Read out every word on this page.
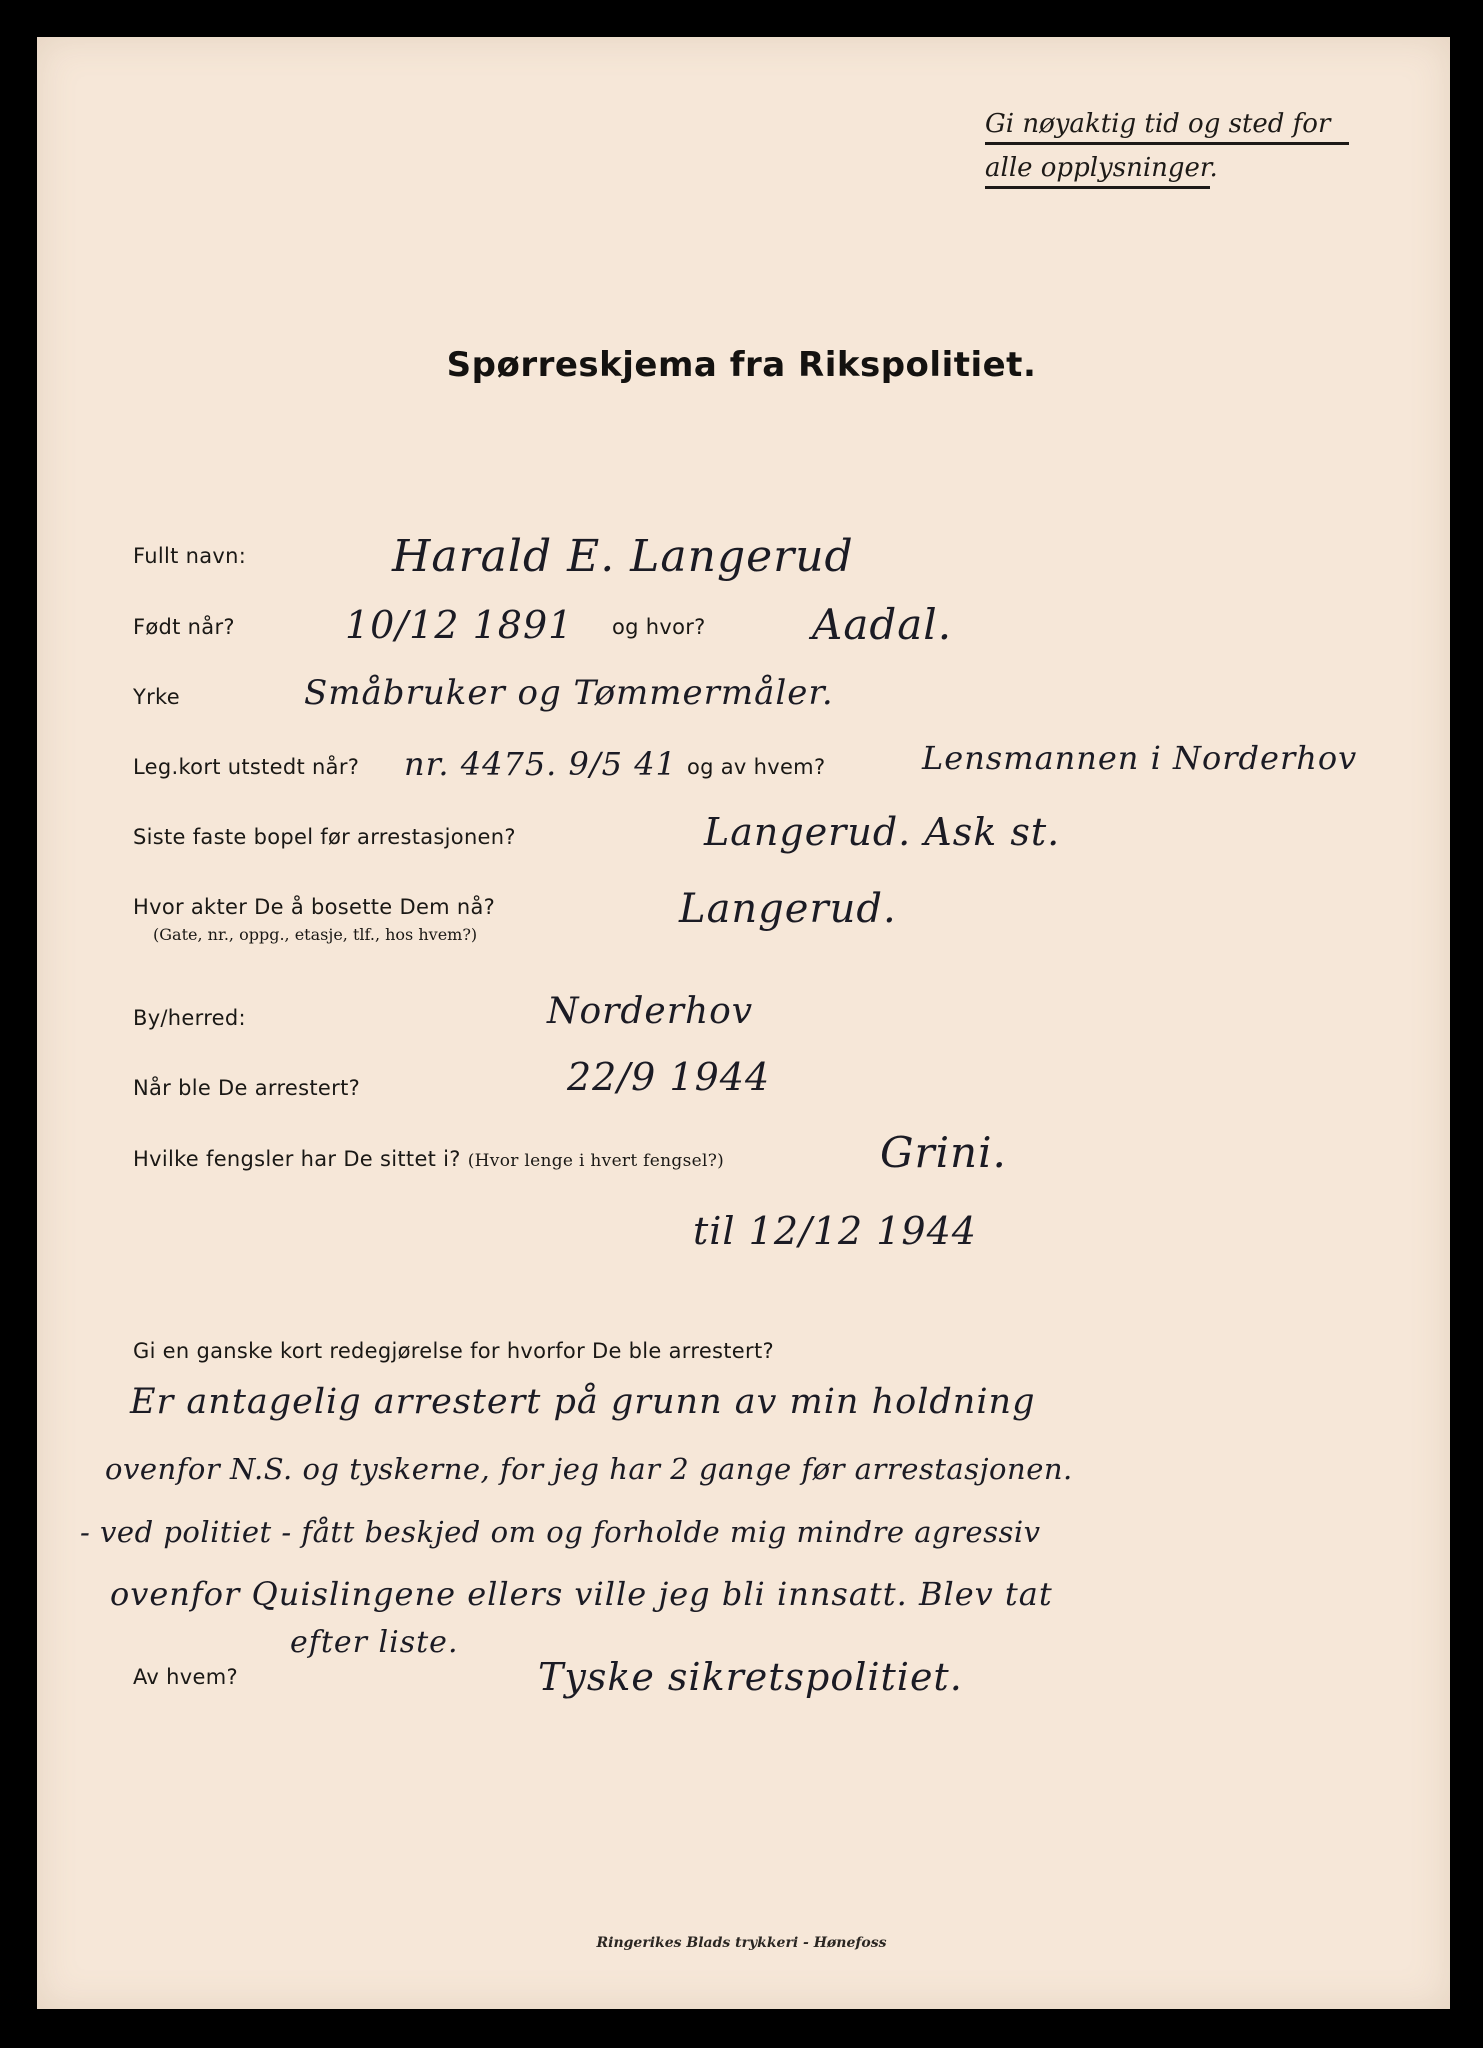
Gi nøyaktig tid og sted for
alle opplysninger.
Spørreskjema fra Rikspolitiet.
Fullt navn:	Harald E. Langerud
Født når?	10/12 1891 og hvor?	Aadal.
Yrke	Småbruker og Tømmermåler.
Leg.kort utstedt når? nr. 4475. 9/5 41 og av hvem?	Lensmannen i Norderhov
Siste faste bopel før arrestasjonen?	Langerud. Ask st.
Hvor akter De å bosette Dem nå?
(Gate, nr., oppg., etasje, tlf., hos hvem?)
Langerud.
By/herred:	Norderhov
Når ble De arrestert?	22/9 1944
Hvilke fengsler har De sittet i? (Hvor lenge i hvert fengsel?)	Grini.
til 12/12 1944
Gi en ganske kort redegjørelse for hvorfor De ble arrestert?
Er antagelig arrestert på grunn av min holdning
ovenfor N.S. og tyskerne, for jeg har 2 gange før arrestasjonen.
- ved politiet - fått beskjed om og forholde mig mindre agressiv
ovenfor Quislingene ellers ville jeg bli innsatt. Blev tat
efter liste.
Av hvem?	Tyske sikretspolitiet.
Ringerikes Blads trykkeri - Hønefoss
